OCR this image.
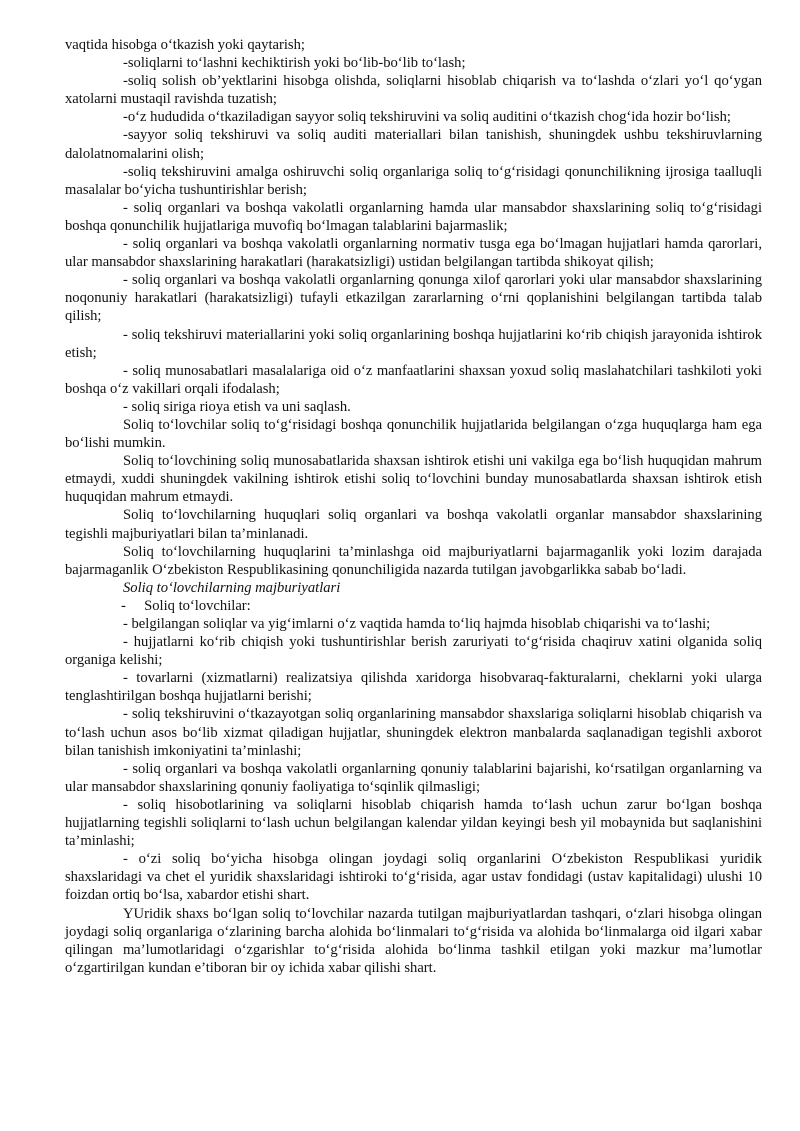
vaqtida hisobga o‘tkazish yoki qaytarish;

-soliqlarni to‘lashni kechiktirish yoki bo‘lib-bo‘lib to‘lash;

-soliq solish ob’yektlarini hisobga olishda, soliqlarni hisoblab chiqarish va to‘lashda o‘zlari yo‘l qo‘ygan xatolarni mustaqil ravishda tuzatish;

-o‘z hududida o‘tkaziladigan sayyor soliq tekshiruvini va soliq auditini o‘tkazish chog‘ida hozir bo‘lish;

-sayyor soliq tekshiruvi va soliq auditi materiallari bilan tanishish, shuningdek ushbu tekshiruvlarning dalolatnomalarini olish;

-soliq tekshiruvini amalga oshiruvchi soliq organlariga soliq to‘g‘risidagi qonunchilikning ijrosiga taalluqli masalalar bo‘yicha tushuntirishlar berish;

- soliq organlari va boshqa vakolatli organlarning hamda ular mansabdor shaxslarining soliq to‘g‘risidagi boshqa qonunchilik hujjatlariga muvofiq bo‘lmagan talablarini bajarmaslik;

- soliq organlari va boshqa vakolatli organlarning normativ tusga ega bo‘lmagan hujjatlari hamda qarorlari, ular mansabdor shaxslarining harakatlari (harakatsizligi) ustidan belgilangan tartibda shikoyat qilish;

- soliq organlari va boshqa vakolatli organlarning qonunga xilof qarorlari yoki ular mansabdor shaxslarining noqonuniy harakatlari (harakatsizligi) tufayli etkazilgan zararlarning o‘rni qoplanishini belgilangan tartibda talab qilish;

- soliq tekshiruvi materiallarini yoki soliq organlarining boshqa hujjatlarini ko‘rib chiqish jarayonida ishtirok etish;

- soliq munosabatlari masalalariga oid o‘z manfaatlarini shaxsan yoxud soliq maslahatchilari tashkiloti yoki boshqa o‘z vakillari orqali ifodalash;

- soliq siriga rioya etish va uni saqlash.

Soliq to‘lovchilar soliq to‘g‘risidagi boshqa qonunchilik hujjatlarida belgilangan o‘zga huquqlarga ham ega bo‘lishi mumkin.

Soliq to‘lovchining soliq munosabatlarida shaxsan ishtirok etishi uni vakilga ega bo‘lish huquqidan mahrum etmaydi, xuddi shuningdek vakilning ishtirok etishi soliq to‘lovchini bunday munosabatlarda shaxsan ishtirok etish huquqidan mahrum etmaydi.

Soliq to‘lovchilarning huquqlari soliq organlari va boshqa vakolatli organlar mansabdor shaxslarining tegishli majburiyatlari bilan ta’minlanadi.

Soliq to‘lovchilarning huquqlarini ta’minlashga oid majburiyatlarni bajarmaganlik yoki lozim darajada bajarmaganlik O‘zbekiston Respublikasining qonunchiligida nazarda tutilgan javobgarlikka sabab bo‘ladi.

Soliq to‘lovchilarning majburiyatlari

-     Soliq to‘lovchilar:

- belgilangan soliqlar va yig‘imlarni o‘z vaqtida hamda to‘liq hajmda hisoblab chiqarishi va to‘lashi;

- hujjatlarni ko‘rib chiqish yoki tushuntirishlar berish zaruriyati to‘g‘risida chaqiruv xatini olganida soliq organiga kelishi;

- tovarlarni (xizmatlarni) realizatsiya qilishda xaridorga hisobvaraq-fakturalarni, cheklarni yoki ularga tenglashtirilgan boshqa hujjatlarni berishi;

- soliq tekshiruvini o‘tkazayotgan soliq organlarining mansabdor shaxslariga soliqlarni hisoblab chiqarish va to‘lash uchun asos bo‘lib xizmat qiladigan hujjatlar, shuningdek elektron manbalarda saqlanadigan tegishli axborot bilan tanishish imkoniyatini ta’minlashi;

- soliq organlari va boshqa vakolatli organlarning qonuniy talablarini bajarishi, ko‘rsatilgan organlarning va ular mansabdor shaxslarining qonuniy faoliyatiga to‘sqinlik qilmasligi;

- soliq hisobotlarining va soliqlarni hisoblab chiqarish hamda to‘lash uchun zarur bo‘lgan boshqa hujjatlarning tegishli soliqlarni to‘lash uchun belgilangan kalendar yildan keyingi besh yil mobaynida but saqlanishini ta’minlashi;

- o‘zi soliq bo‘yicha hisobga olingan joydagi soliq organlarini O‘zbekiston Respublikasi yuridik shaxslaridagi va chet el yuridik shaxslaridagi ishtiroki to‘g‘risida, agar ustav fondidagi (ustav kapitalidagi) ulushi 10 foizdan ortiq bo‘lsa, xabardor etishi shart.

YUridik shaxs bo‘lgan soliq to‘lovchilar nazarda tutilgan majburiyatlardan tashqari, o‘zlari hisobga olingan joydagi soliq organlariga o‘zlarining barcha alohida bo‘linmalari to‘g‘risida va alohida bo‘linmalarga oid ilgari xabar qilingan ma’lumotlaridagi o‘zgarishlar to‘g‘risida alohida bo‘linma tashkil etilgan yoki mazkur ma’lumotlar o‘zgartirilgan kundan e’tiboran bir oy ichida xabar qilishi shart.
